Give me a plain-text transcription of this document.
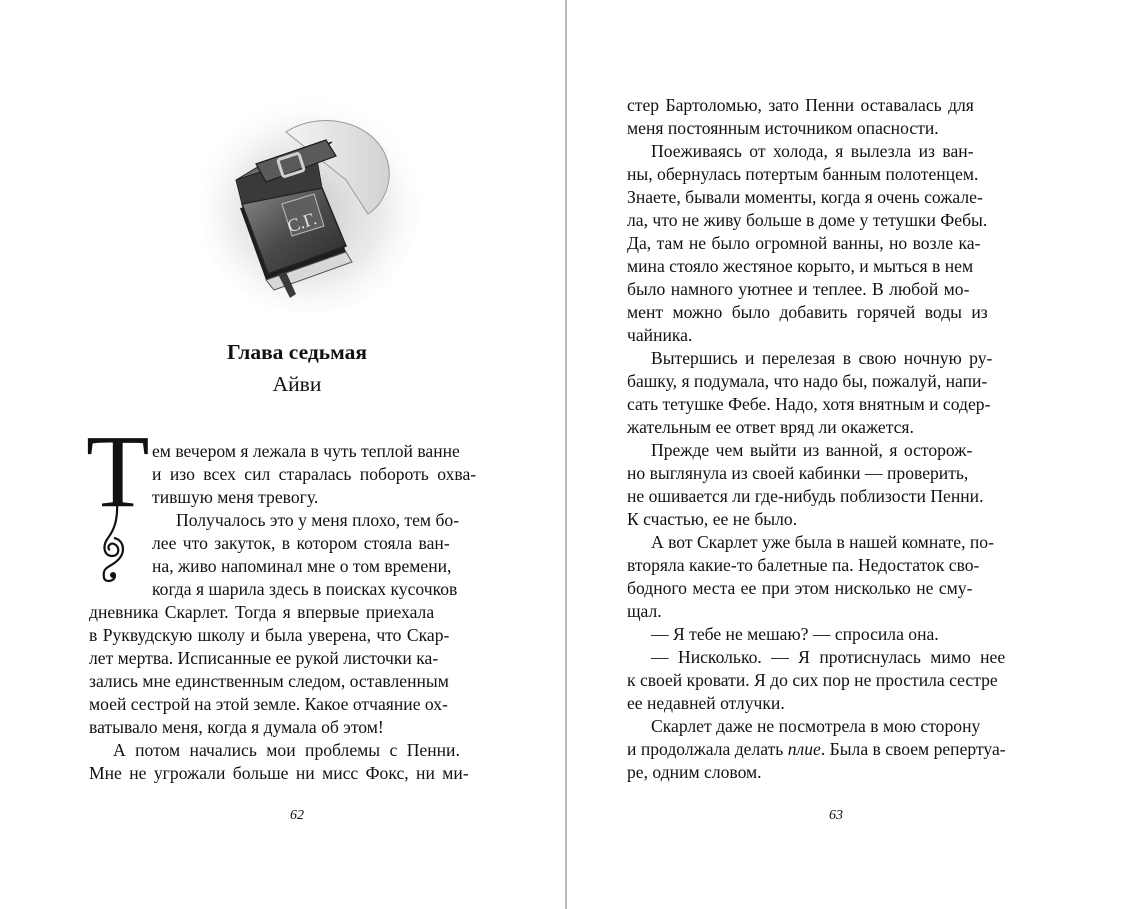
С.Г.
Глава седьмая
Айви
Т ем вечером я лежала в чуть теплой ванне
и изо всех сил старалась побороть охва-
тившую меня тревогу.
Получалось это у меня плохо, тем бо-
лее что закуток, в котором стояла ван-
на, живо напоминал мне о том времени,
когда я шарила здесь в поисках кусочков
дневника Скарлет. Тогда я впервые приехала
в Руквудскую школу и была уверена, что Скар-
лет мертва. Исписанные ее рукой листочки ка-
зались мне единственным следом, оставленным
моей сестрой на этой земле. Какое отчаяние ох-
ватывало меня, когда я думала об этом!
А потом начались мои проблемы с Пенни.
Мне не угрожали больше ни мисс Фокс, ни ми-
62
стер Бартоломью, зато Пенни оставалась для
меня постоянным источником опасности.
Поеживаясь от холода, я вылезла из ван-
ны, обернулась потертым банным полотенцем.
Знаете, бывали моменты, когда я очень сожале-
ла, что не живу больше в доме у тетушки Фебы.
Да, там не было огромной ванны, но возле ка-
мина стояло жестяное корыто, и мыться в нем
было намного уютнее и теплее. В любой мо-
мент можно было добавить горячей воды из
чайника.
Вытершись и перелезая в свою ночную ру-
башку, я подумала, что надо бы, пожалуй, напи-
сать тетушке Фебе. Надо, хотя внятным и содер-
жательным ее ответ вряд ли окажется.
Прежде чем выйти из ванной, я осторож-
но выглянула из своей кабинки — проверить,
не ошивается ли где-нибудь поблизости Пенни.
К счастью, ее не было.
А вот Скарлет уже была в нашей комнате, по-
вторяла какие-то балетные па. Недостаток сво-
бодного места ее при этом нисколько не сму-
щал.
— Я тебе не мешаю? — спросила она.
— Нисколько. — Я протиснулась мимо нее
к своей кровати. Я до сих пор не простила сестре
ее недавней отлучки.
Скарлет даже не посмотрела в мою сторону
и продолжала делать плие. Была в своем репертуа-
ре, одним словом.
63
